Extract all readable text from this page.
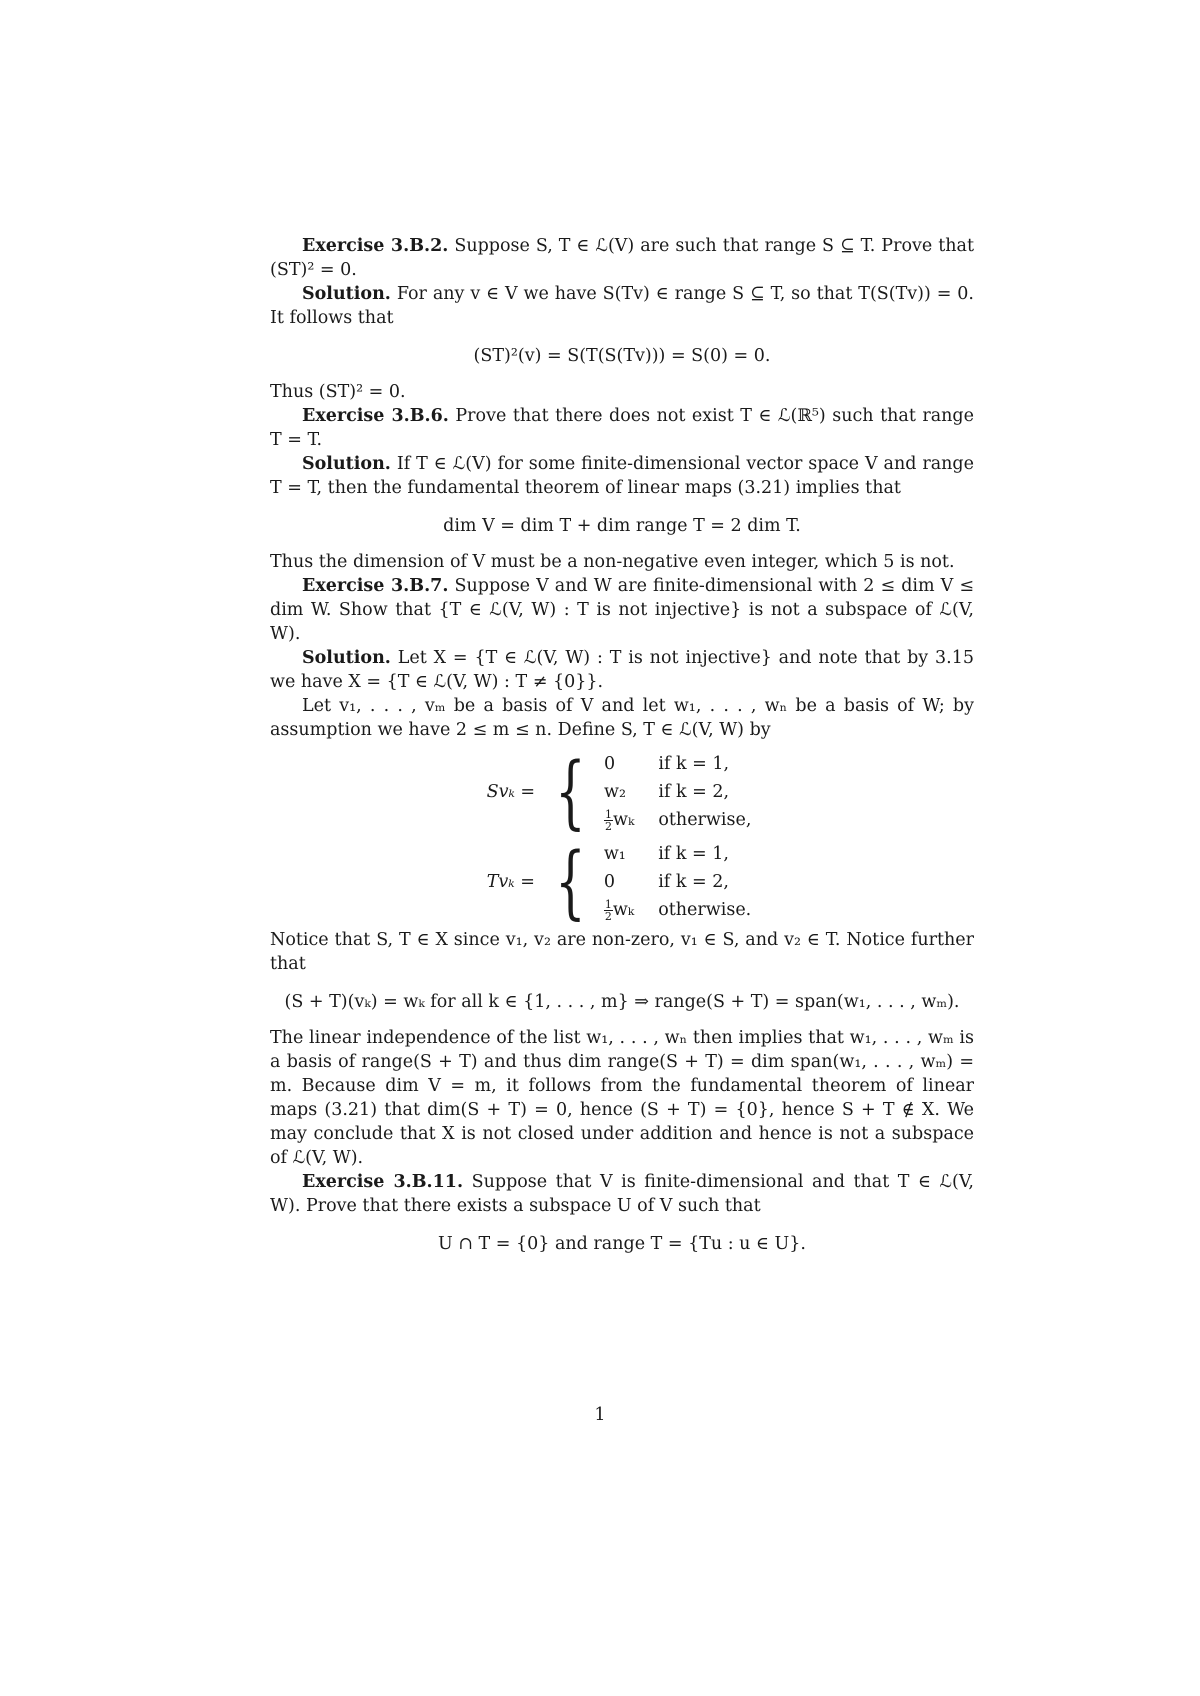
Exercise 3.B.2. Suppose S, T ∈ ℒ(V) are such that range S ⊆ T. Prove that (ST)² = 0.

Solution. For any v ∈ V we have S(Tv) ∈ range S ⊆ T, so that T(S(Tv)) = 0. It follows that

(ST)²(v) = S(T(S(Tv))) = S(0) = 0.

Thus (ST)² = 0.

Exercise 3.B.6. Prove that there does not exist T ∈ ℒ(ℝ⁵) such that range T = T.

Solution. If T ∈ ℒ(V) for some finite-dimensional vector space V and range T = T, then the fundamental theorem of linear maps (3.21) implies that

dim V = dim T + dim range T = 2 dim T.

Thus the dimension of V must be a non-negative even integer, which 5 is not.

Exercise 3.B.7. Suppose V and W are finite-dimensional with 2 ≤ dim V ≤ dim W. Show that {T ∈ ℒ(V, W) : T is not injective} is not a subspace of ℒ(V, W).

Solution. Let X = {T ∈ ℒ(V, W) : T is not injective} and note that by 3.15 we have X = {T ∈ ℒ(V, W) : T ≠ {0}}.

Let v₁, . . . , vₘ be a basis of V and let w₁, . . . , wₙ be a basis of W; by assumption we have 2 ≤ m ≤ n. Define S, T ∈ ℒ(V, W) by

Svₖ = { 0	if k = 1,
w₂	if k = 2,

$\frac{1}{2}$ wₖ	otherwise,
Tvₖ = { w₁	if k = 1,
0	if k = 2,

$\frac{1}{2}$ wₖ	otherwise.

Notice that S, T ∈ X since v₁, v₂ are non-zero, v₁ ∈ S, and v₂ ∈ T. Notice further that

(S + T)(vₖ) = wₖ for all k ∈ {1, . . . , m} ⇒ range(S + T) = span(w₁, . . . , wₘ).

The linear independence of the list w₁, . . . , wₙ then implies that w₁, . . . , wₘ is a basis of range(S + T) and thus dim range(S + T) = dim span(w₁, . . . , wₘ) = m. Because dim V = m, it follows from the fundamental theorem of linear maps (3.21) that dim(S + T) = 0, hence (S + T) = {0}, hence S + T ∉ X. We may conclude that X is not closed under addition and hence is not a subspace of ℒ(V, W).

Exercise 3.B.11. Suppose that V is finite-dimensional and that T ∈ ℒ(V, W). Prove that there exists a subspace U of V such that

U ∩ T = {0} and range T = {Tu : u ∈ U}.
1
